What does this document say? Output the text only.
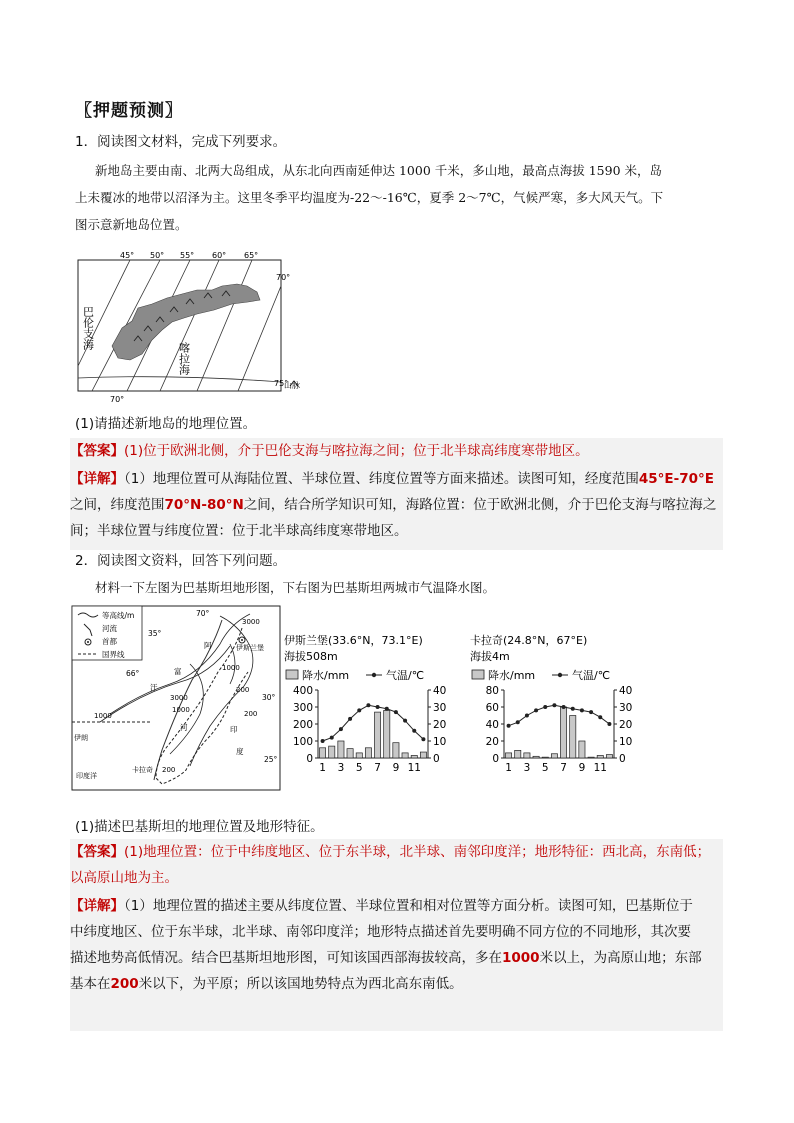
〖押题预测〗
1．阅读图文材料，完成下列要求。
新地岛主要由南、北两大岛组成，从东北向西南延伸达 1000 千米，多山地，最高点海拔 1590 米，岛
上未覆冰的地带以沼泽为主。这里冬季平均温度为-22～-16℃，夏季 2～7℃，气候严寒，多大风天气。下
图示意新地岛位置。
45° 50° 55° 60° 65°
70°
75°
70°
巴伦支海
喀拉海
山脉
(1)请描述新地岛的地理位置。
【答案】(1)位于欧洲北侧，介于巴伦支海与喀拉海之间；位于北半球高纬度寒带地区。
【详解】（1）地理位置可从海陆位置、半球位置、纬度位置等方面来描述。读图可知，经度范围45°E-70°E
之间，纬度范围70°N-80°N之间，结合所学知识可知，海路位置：位于欧洲北侧，介于巴伦支海与喀拉海之
间；半球位置与纬度位置：位于北半球高纬度寒带地区。
2．阅读图文资料，回答下列问题。
材料一下左图为巴基斯坦地形图，下右图为巴基斯坦两城市气温降水图。
等高线/m
河流
首都
国界线
70°
35°
66°
30°
25°
3000
1000
3000
1000
1000
200
200
200
伊斯兰堡
阿
富
汗
伊朗
印
度
河
卡拉奇
印度洋
伊斯兰堡(33.6°N，73.1°E)
海拔508m
降水/mm	气温/℃
0
100
200
300
400
0
10
20
30
40
1 3 5 7 9 11
卡拉奇(24.8°N，67°E)
海拔4m
降水/mm	气温/℃
0
20
40
60
80
0
10
20
30
40
1 3 5 7 9 11
(1)描述巴基斯坦的地理位置及地形特征。
【答案】(1)地理位置：位于中纬度地区、位于东半球，北半球、南邻印度洋；地形特征：西北高，东南低；
以高原山地为主。
【详解】（1）地理位置的描述主要从纬度位置、半球位置和相对位置等方面分析。读图可知，巴基斯位于
中纬度地区、位于东半球，北半球、南邻印度洋；地形特点描述首先要明确不同方位的不同地形，其次要
描述地势高低情况。结合巴基斯坦地形图，可知该国西部海拔较高，多在1000米以上，为高原山地；东部
基本在200米以下，为平原；所以该国地势特点为西北高东南低。
